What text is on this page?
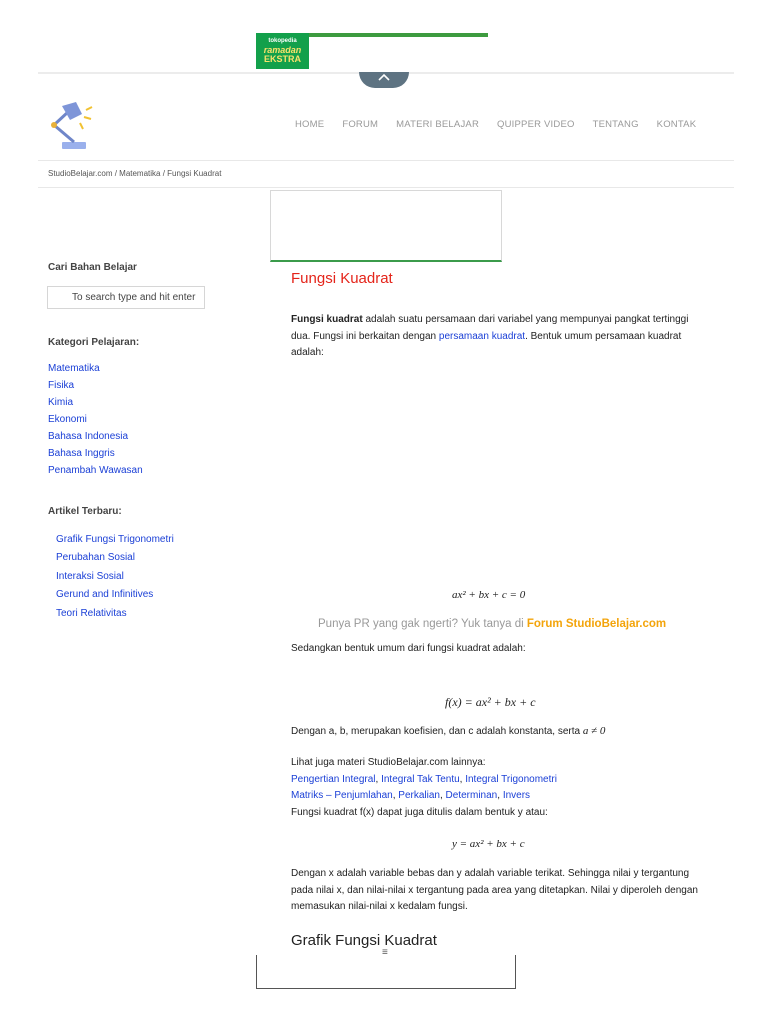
tokopedia
ramadan
EKSTRA
HOME FORUM MATERI BELAJAR QUIPPER VIDEO TENTANG KONTAK
StudioBelajar.com / Matematika / Fungsi Kuadrat
Cari Bahan Belajar
To search type and hit enter
Kategori Pelajaran:
Matematika
Fisika
Kimia
Ekonomi
Bahasa Indonesia
Bahasa Inggris
Penambah Wawasan
Artikel Terbaru:
Grafik Fungsi Trigonometri
Perubahan Sosial
Interaksi Sosial
Gerund and Infinitives
Teori Relativitas
Fungsi Kuadrat
Fungsi kuadrat adalah suatu persamaan dari variabel yang mempunyai pangkat tertinggi dua. Fungsi ini berkaitan dengan persamaan kuadrat. Bentuk umum persamaan kuadrat adalah:
ax² + bx + c = 0
Punya PR yang gak ngerti? Yuk tanya di Forum StudioBelajar.com
Sedangkan bentuk umum dari fungsi kuadrat adalah:
f(x) = ax² + bx + c
Dengan a, b, merupakan koefisien, dan c adalah konstanta, serta a ≠ 0
Lihat juga materi StudioBelajar.com lainnya:
Pengertian Integral, Integral Tak Tentu, Integral Trigonometri
Matriks – Penjumlahan, Perkalian, Determinan, Invers
Fungsi kuadrat f(x) dapat juga ditulis dalam bentuk y atau:
y = ax² + bx + c
Dengan x adalah variable bebas dan y adalah variable terikat. Sehingga nilai y tergantung pada nilai x, dan nilai-nilai x tergantung pada area yang ditetapkan. Nilai y diperoleh dengan memasukan nilai-nilai x kedalam fungsi.
Grafik Fungsi Kuadrat
≡
